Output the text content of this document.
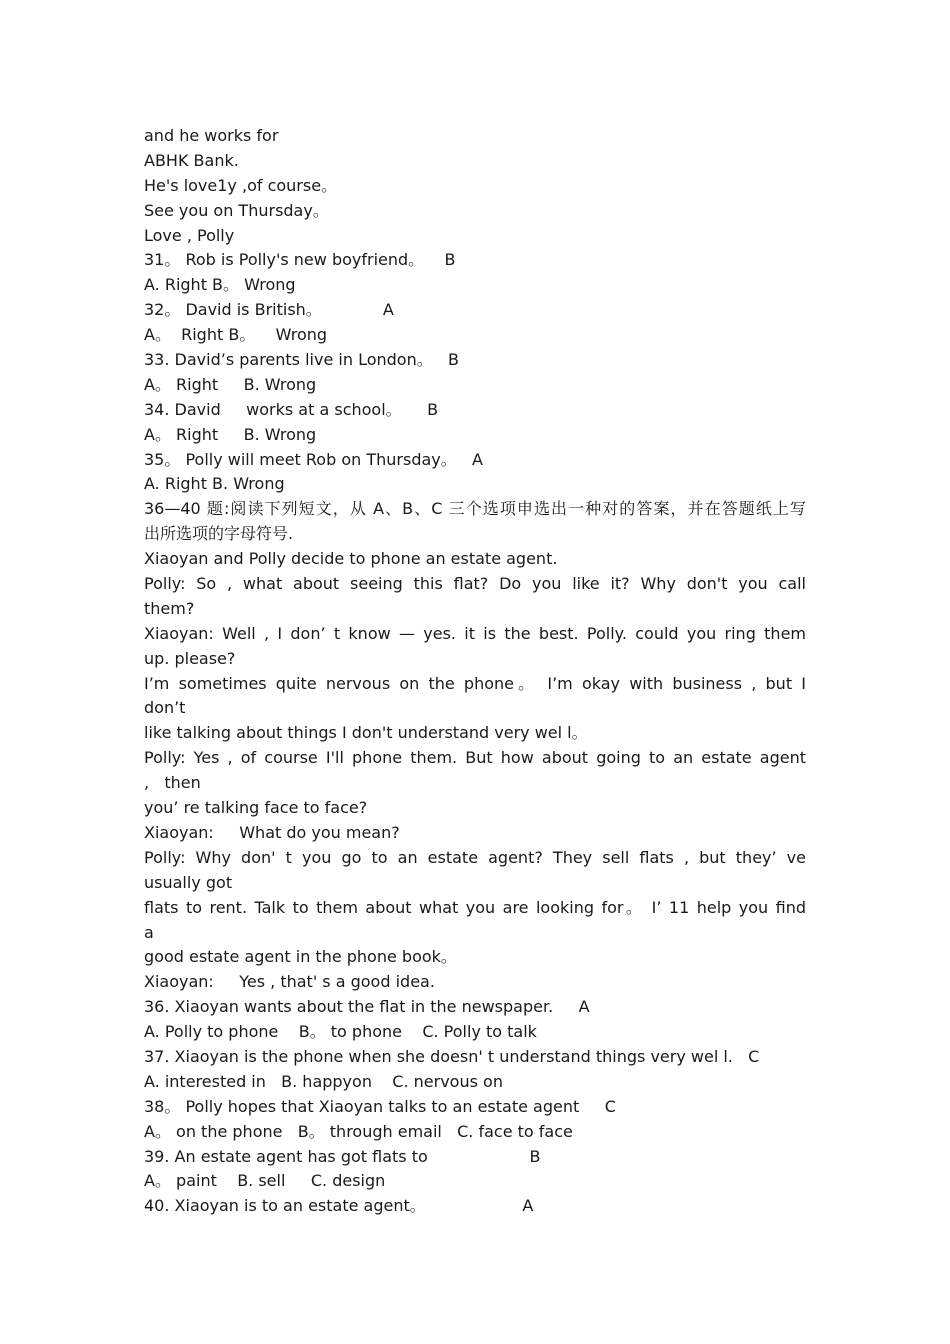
and he works for
ABHK Bank.
He's love1y ,of course。
See you on Thursday。
Love , Polly
31。 Rob is Polly's new boyfriend。    B
A. Right B。 Wrong
32。 David is British。            A
A。  Right B。    Wrong
33. David’s parents live in London。   B
A。 Right     B. Wrong
34. David     works at a school。     B
A。 Right     B. Wrong
35。 Polly will meet Rob on Thursday。   A
A. Right B. Wrong
36—40 题:阅读下列短文，从 A、B、C 三个选项申选出一种对的答案，并在答题纸上写
出所选项的字母符号.
Xiaoyan and Polly decide to phone an estate agent.
Polly: So , what about seeing this flat? Do you like it? Why don't you call
them?
Xiaoyan: Well , I don’ t know — yes. it is the best. Polly. could you ring them
up. please?
I’m sometimes quite nervous on the phone。 I’m okay with business , but I
don’t
like talking about things I don't understand very wel l。
Polly: Yes , of course I'll phone them. But how about going to an estate agent
,   then
you’ re talking face to face?
Xiaoyan:     What do you mean?
Polly: Why don' t you go to an estate agent? They sell flats , but they’ ve
usually got
flats to rent. Talk to them about what you are looking for。 I’ 11 help you find
a
good estate agent in the phone book。
Xiaoyan:     Yes , that' s a good idea.
36. Xiaoyan wants about the flat in the newspaper.     A
A. Polly to phone    B。 to phone    C. Polly to talk
37. Xiaoyan is the phone when she doesn' t understand things very wel l.   C
A. interested in   B. happyon    C. nervous on
38。 Polly hopes that Xiaoyan talks to an estate agent     C
A。 on the phone   B。 through email   C. face to face
39. An estate agent has got flats to                    B
A。 paint    B. sell     C. design
40. Xiaoyan is to an estate agent。                   A
